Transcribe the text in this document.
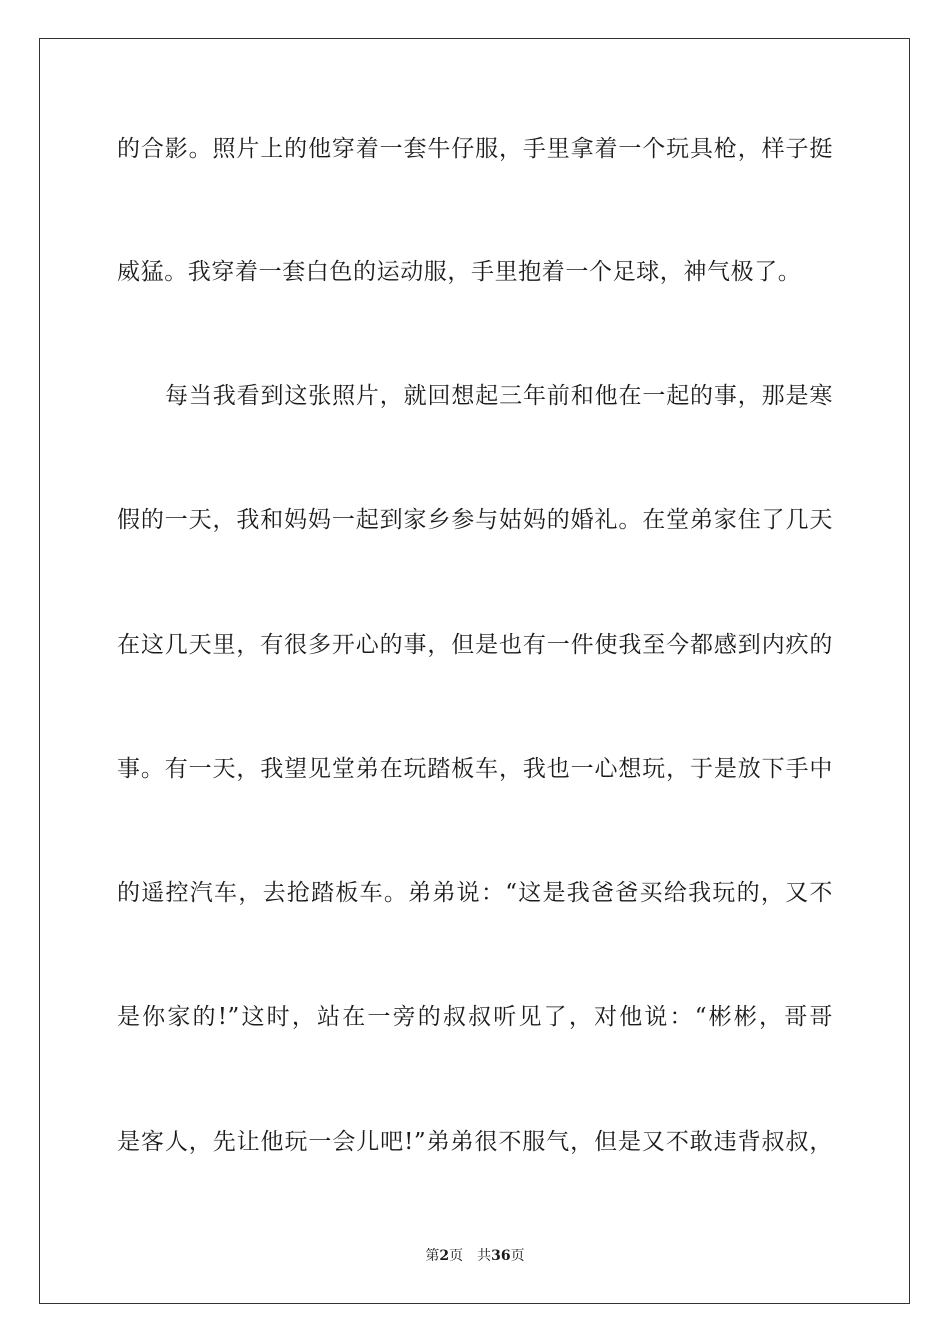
的合影。照片上的他穿着一套牛仔服，手里拿着一个玩具枪，样子挺
威猛。我穿着一套白色的运动服，手里抱着一个足球，神气极了。
每当我看到这张照片，就回想起三年前和他在一起的事，那是寒
假的一天，我和妈妈一起到家乡参与姑妈的婚礼。在堂弟家住了几天
在这几天里，有很多开心的事，但是也有一件使我至今都感到内疚的
事。有一天，我望见堂弟在玩踏板车，我也一心想玩，于是放下手中
的遥控汽车，去抢踏板车。弟弟说：“这是我爸爸买给我玩的，又不
是你家的!”这时，站在一旁的叔叔听见了，对他说：“彬彬，哥哥
是客人，先让他玩一会儿吧!”弟弟很不服气，但是又不敢违背叔叔，
第2页 共36页
